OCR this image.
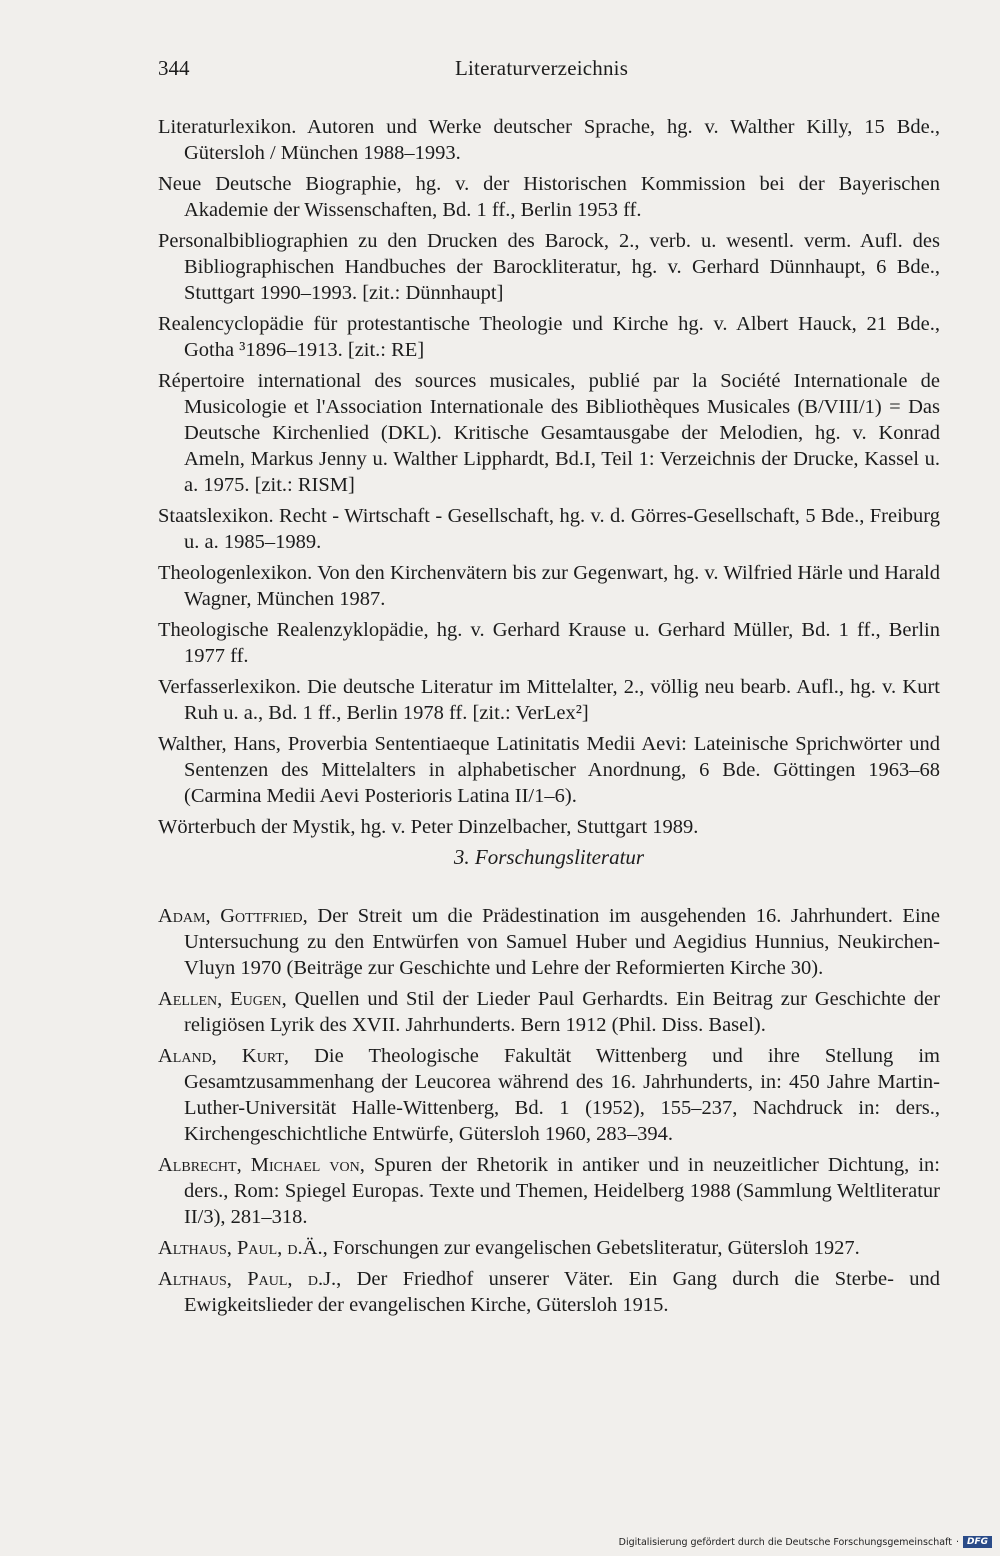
344	Literaturverzeichnis
Literaturlexikon. Autoren und Werke deutscher Sprache, hg. v. Walther Killy, 15 Bde., Gütersloh / München 1988–1993.
Neue Deutsche Biographie, hg. v. der Historischen Kommission bei der Bayerischen Akademie der Wissenschaften, Bd. 1 ff., Berlin 1953 ff.
Personalbibliographien zu den Drucken des Barock, 2., verb. u. wesentl. verm. Aufl. des Bibliographischen Handbuches der Barockliteratur, hg. v. Gerhard Dünnhaupt, 6 Bde., Stuttgart 1990–1993. [zit.: Dünnhaupt]
Realencyclopädie für protestantische Theologie und Kirche hg. v. Albert Hauck, 21 Bde., Gotha ³1896–1913. [zit.: RE]
Répertoire international des sources musicales, publié par la Société Internationale de Musicologie et l'Association Internationale des Bibliothèques Musicales (B/VIII/1) = Das Deutsche Kirchenlied (DKL). Kritische Gesamtausgabe der Melodien, hg. v. Konrad Ameln, Markus Jenny u. Walther Lipphardt, Bd.I, Teil 1: Verzeichnis der Drucke, Kassel u. a. 1975. [zit.: RISM]
Staatslexikon. Recht - Wirtschaft - Gesellschaft, hg. v. d. Görres-Gesellschaft, 5 Bde., Freiburg u. a. 1985–1989.
Theologenlexikon. Von den Kirchenvätern bis zur Gegenwart, hg. v. Wilfried Härle und Harald Wagner, München 1987.
Theologische Realenzyklopädie, hg. v. Gerhard Krause u. Gerhard Müller, Bd. 1 ff., Berlin 1977 ff.
Verfasserlexikon. Die deutsche Literatur im Mittelalter, 2., völlig neu bearb. Aufl., hg. v. Kurt Ruh u. a., Bd. 1 ff., Berlin 1978 ff. [zit.: VerLex²]
Walther, Hans, Proverbia Sententiaeque Latinitatis Medii Aevi: Lateinische Sprichwörter und Sentenzen des Mittelalters in alphabetischer Anordnung, 6 Bde. Göttingen 1963–68 (Carmina Medii Aevi Posterioris Latina II/1–6).
Wörterbuch der Mystik, hg. v. Peter Dinzelbacher, Stuttgart 1989.
3. Forschungsliteratur
Adam, Gottfried, Der Streit um die Prädestination im ausgehenden 16. Jahrhundert. Eine Untersuchung zu den Entwürfen von Samuel Huber und Aegidius Hunnius, Neukirchen-Vluyn 1970 (Beiträge zur Geschichte und Lehre der Reformierten Kirche 30).
Aellen, Eugen, Quellen und Stil der Lieder Paul Gerhardts. Ein Beitrag zur Geschichte der religiösen Lyrik des XVII. Jahrhunderts. Bern 1912 (Phil. Diss. Basel).
Aland, Kurt, Die Theologische Fakultät Wittenberg und ihre Stellung im Gesamtzusammenhang der Leucorea während des 16. Jahrhunderts, in: 450 Jahre Martin-Luther-Universität Halle-Wittenberg, Bd. 1 (1952), 155–237, Nachdruck in: ders., Kirchengeschichtliche Entwürfe, Gütersloh 1960, 283–394.
Albrecht, Michael von, Spuren der Rhetorik in antiker und in neuzeitlicher Dichtung, in: ders., Rom: Spiegel Europas. Texte und Themen, Heidelberg 1988 (Sammlung Weltliteratur II/3), 281–318.
Althaus, Paul, d.Ä., Forschungen zur evangelischen Gebetsliteratur, Gütersloh 1927.
Althaus, Paul, d.J., Der Friedhof unserer Väter. Ein Gang durch die Sterbe- und Ewigkeitslieder der evangelischen Kirche, Gütersloh 1915.
Digitalisierung gefördert durch die Deutsche Forschungsgemeinschaft · DFG
